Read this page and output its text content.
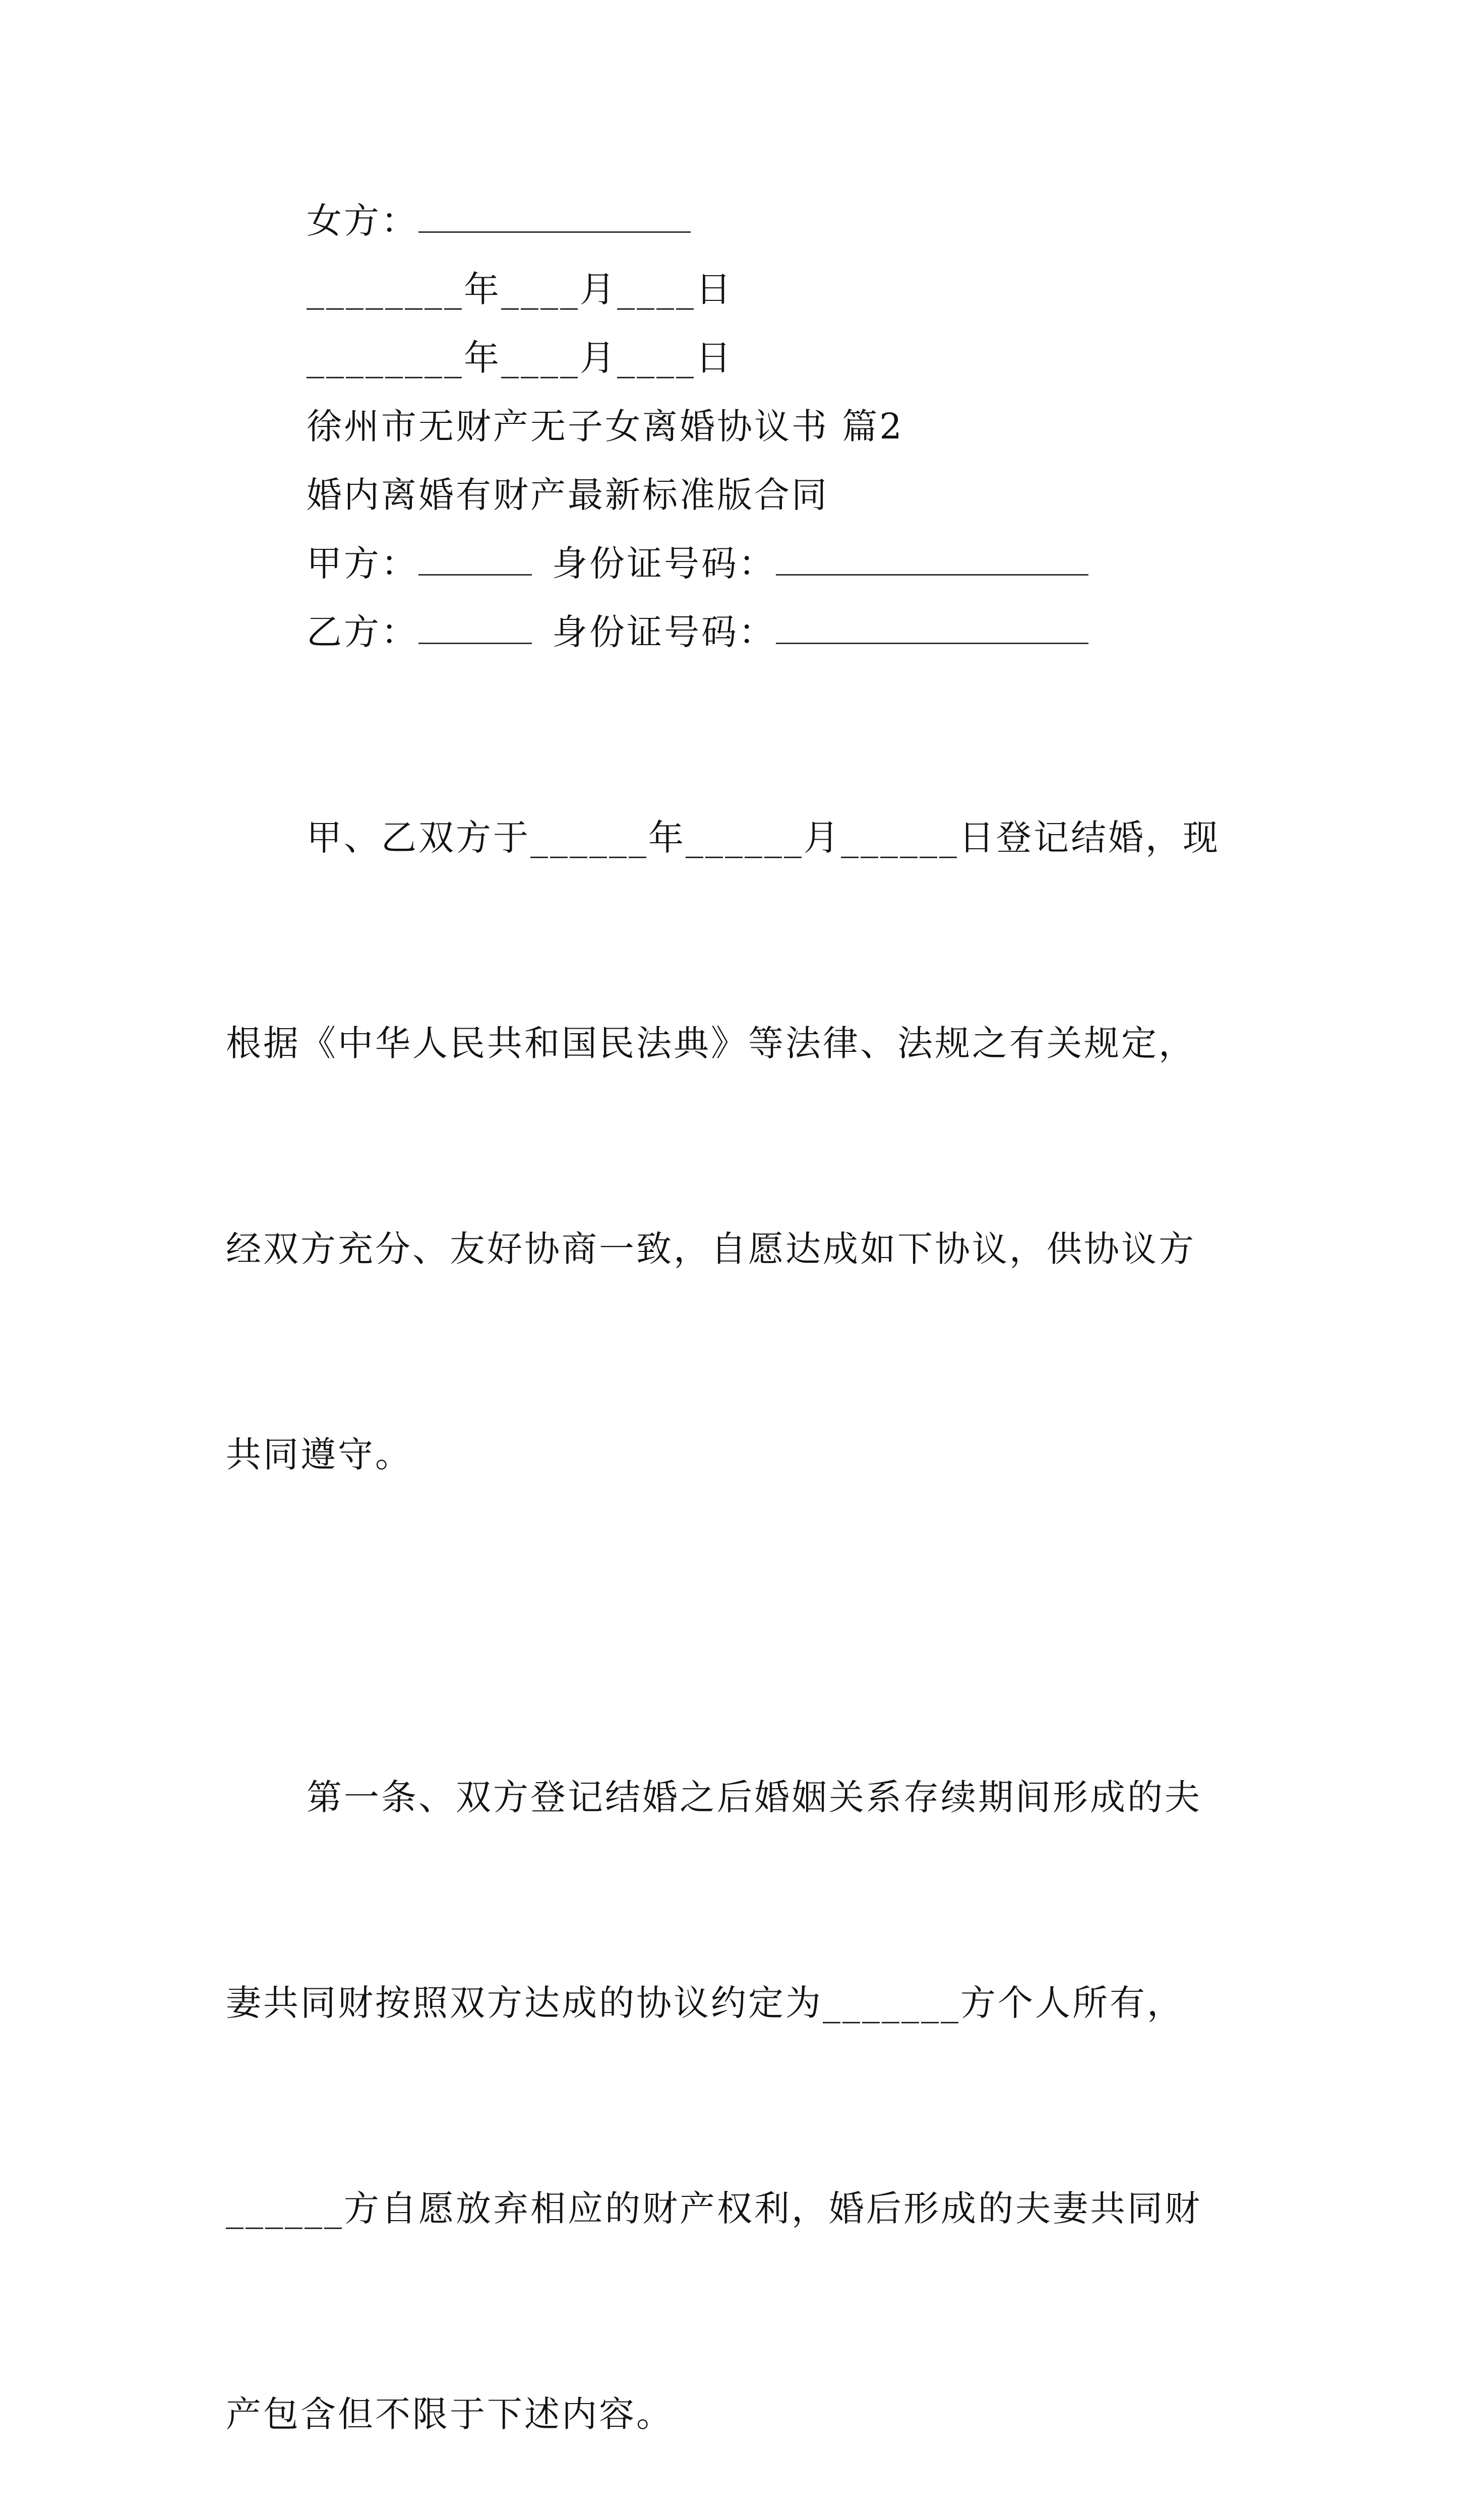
女方：
________年____月____日
________年____月____日
徐州市无财产无子女离婚协议书 篇2
婚内离婚有财产最新标准版合同
甲方：	身份证号码：
乙方：	身份证号码：

甲、乙双方于______年______月______日登记结婚，现

根据《中华人民共和国民法典》等法律、法规之有关规定，

经双方充分、友好协商一致，自愿达成如下协议，供协议方

共同遵守。

第一条、双方登记结婚之后婚姻关系存续期间形成的夫

妻共同财按照双方达成的协议约定为_______方个人所有，

______方自愿放弃相应的财产权利，婚后形成的夫妻共同财

产包含但不限于下述内容。
